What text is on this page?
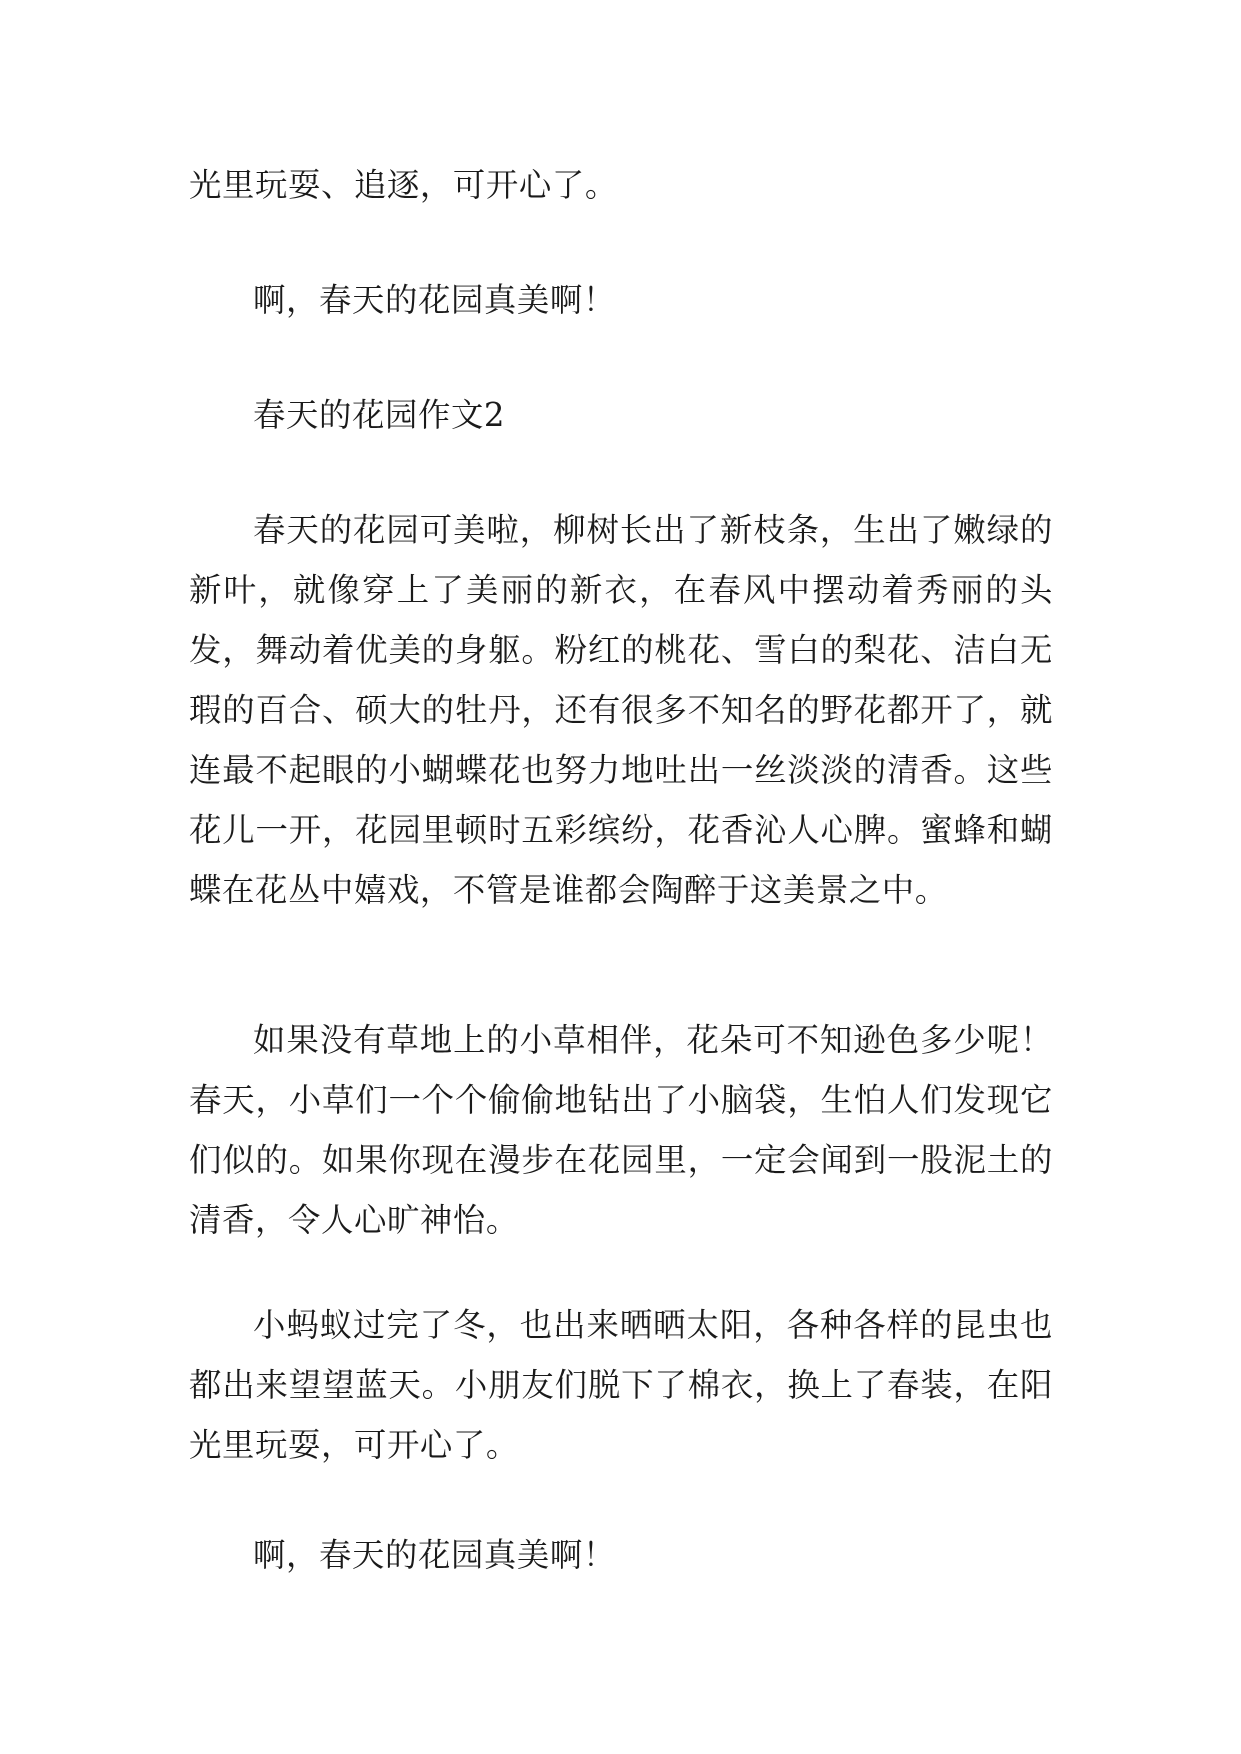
光里玩耍、追逐，可开心了。

啊，春天的花园真美啊！

春天的花园作文2

春天的花园可美啦，柳树长出了新枝条，生出了嫩绿的新叶，就像穿上了美丽的新衣，在春风中摆动着秀丽的头发，舞动着优美的身躯。粉红的桃花、雪白的梨花、洁白无瑕的百合、硕大的牡丹，还有很多不知名的野花都开了，就连最不起眼的小蝴蝶花也努力地吐出一丝淡淡的清香。这些花儿一开，花园里顿时五彩缤纷，花香沁人心脾。蜜蜂和蝴蝶在花丛中嬉戏，不管是谁都会陶醉于这美景之中。

如果没有草地上的小草相伴，花朵可不知逊色多少呢！春天，小草们一个个偷偷地钻出了小脑袋，生怕人们发现它们似的。如果你现在漫步在花园里，一定会闻到一股泥土的清香，令人心旷神怡。

小蚂蚁过完了冬，也出来晒晒太阳，各种各样的昆虫也都出来望望蓝天。小朋友们脱下了棉衣，换上了春装，在阳光里玩耍，可开心了。

啊，春天的花园真美啊！
